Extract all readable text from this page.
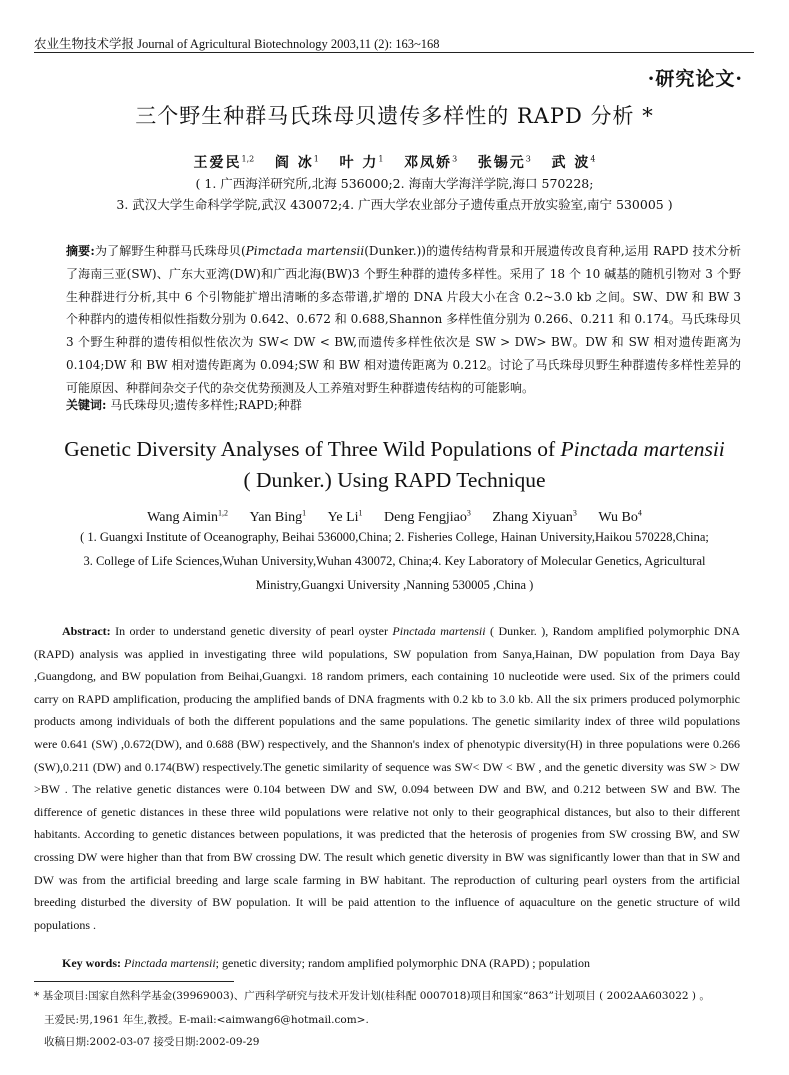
农业生物技术学报 Journal of Agricultural Biotechnology 2003,11 (2): 163~168
·研究论文·
三个野生种群马氏珠母贝遗传多样性的 RAPD 分析 *
王爱民$^{1,2}$ 阎 冰$^1$ 叶 力$^1$ 邓凤娇$^3$ 张锡元$^3$ 武 波$^4$
( 1. 广西海洋研究所,北海 536000;2. 海南大学海洋学院,海口 570228;
3. 武汉大学生命科学学院,武汉 430072;4. 广西大学农业部分子遗传重点开放实验室,南宁 530005 )

摘要:为了解野生种群马氏珠母贝(Pimctada martensii(Dunker.))的遗传结构背景和开展遗传改良育种,运用 RAPD 技术分析了海南三亚(SW)、广东大亚湾(DW)和广西北海(BW)3 个野生种群的遗传多样性。采用了 18 个 10 碱基的随机引物对 3 个野生种群进行分析,其中 6 个引物能扩增出清晰的多态带谱,扩增的 DNA 片段大小在含 0.2~3.0 kb 之间。SW、DW 和 BW 3 个种群内的遗传相似性指数分别为 0.642、0.672 和 0.688,Shannon 多样性值分别为 0.266、0.211 和 0.174。马氏珠母贝 3 个野生种群的遗传相似性依次为 SW< DW < BW,而遗传多样性依次是 SW > DW> BW。DW 和 SW 相对遗传距离为 0.104;DW 和 BW 相对遗传距离为 0.094;SW 和 BW 相对遗传距离为 0.212。讨论了马氏珠母贝野生种群遗传多样性差异的可能原因、种群间杂交子代的杂交优势预测及人工养殖对野生种群遗传结构的可能影响。

关键词: 马氏珠母贝;遗传多样性;RAPD;种群
Genetic Diversity Analyses of Three Wild Populations of Pinctada martensii
( Dunker.) Using RAPD Technique
Wang Aimin$^{1,2}$ Yan Bing$^1$ Ye Li$^1$ Deng Fengjiao$^3$ Zhang Xiyuan$^3$ Wu Bo$^4$
( 1. Guangxi Institute of Oceanography, Beihai 536000,China; 2. Fisheries College, Hainan University,Haikou 570228,China;
3. College of Life Sciences,Wuhan University,Wuhan 430072, China;4. Key Laboratory of Molecular Genetics, Agricultural
Ministry,Guangxi University ,Nanning 530005 ,China )

Abstract: In order to understand genetic diversity of pearl oyster Pinctada martensii ( Dunker. ), Random amplified polymorphic DNA (RAPD) analysis was applied in investigating three wild populations, SW population from Sanya,Hainan, DW population from Daya Bay ,Guangdong, and BW population from Beihai,Guangxi. 18 random primers, each containing 10 nucleotide were used. Six of the primers could carry on RAPD amplification, producing the amplified bands of DNA fragments with 0.2 kb to 3.0 kb. All the six primers produced polymorphic products among individuals of both the different populations and the same populations. The genetic similarity index of three wild populations were 0.641 (SW) ,0.672(DW), and 0.688 (BW) respectively, and the Shannon's index of phenotypic diversity(H) in three populations were 0.266 (SW),0.211 (DW) and 0.174(BW) respectively.The genetic similarity of sequence was SW< DW < BW , and the genetic diversity was SW > DW >BW . The relative genetic distances were 0.104 between DW and SW, 0.094 between DW and BW, and 0.212 between SW and BW. The difference of genetic distances in these three wild populations were relative not only to their geographical distances, but also to their different habitants. According to genetic distances between populations, it was predicted that the heterosis of progenies from SW crossing BW, and SW crossing DW were higher than that from BW crossing DW. The result which genetic diversity in BW was significantly lower than that in SW and DW was from the artificial breeding and large scale farming in BW habitant. The reproduction of culturing pearl oysters from the artificial breeding disturbed the diversity of BW population. It will be paid attention to the influence of aquaculture on the genetic structure of wild populations .

Key words: Pinctada martensii; genetic diversity; random amplified polymorphic DNA (RAPD) ; population
* 基金项目:国家自然科学基金(39969003)、广西科学研究与技术开发计划(桂科配 0007018)项目和国家“863”计划项目 ( 2002AA603022 ) 。
王爱民:男,1961 年生,教授。E-mail:<aimwang6@hotmail.com>.
收稿日期:2002-03-07 接受日期:2002-09-29
